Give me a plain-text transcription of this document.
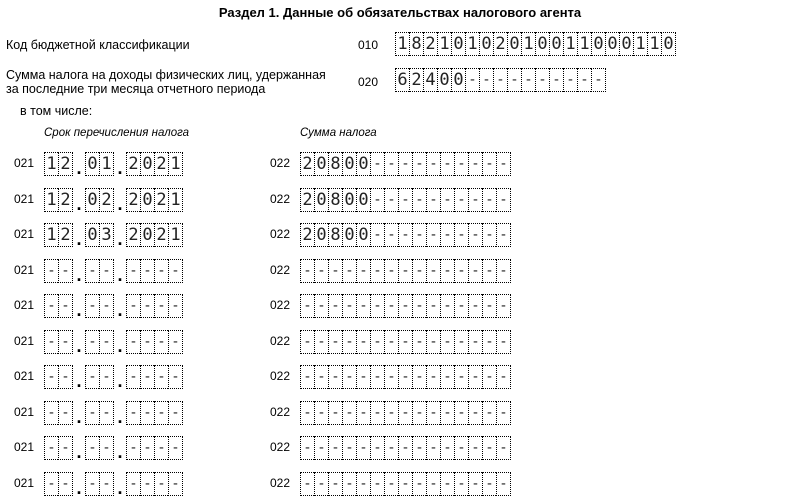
Раздел 1. Данные об обязательствах налогового агента
Код бюджетной классификации	010 1 8 2 1 0 1 0 2 0 1 0 0 1 1 0 0 0 1 1 0
Сумма налога на доходы физических лиц, удержанная
за последние три месяца отчетного периода	020 6 2 4 0 0 - - - - - - - - - -
в том числе:
Срок перечисления налога	Сумма налога
021 1 2 . 0 1 . 2 0 2 1	022 2 0 8 0 0 - - - - - - - - - -
021 1 2 . 0 2 . 2 0 2 1	022 2 0 8 0 0 - - - - - - - - - -
021 1 2 . 0 3 . 2 0 2 1	022 2 0 8 0 0 - - - - - - - - - -
021 - - . - - . - - - -	022 - - - - - - - - - - - - - - -
021 - - . - - . - - - -	022 - - - - - - - - - - - - - - -
021 - - . - - . - - - -	022 - - - - - - - - - - - - - - -
021 - - . - - . - - - -	022 - - - - - - - - - - - - - - -
021 - - . - - . - - - -	022 - - - - - - - - - - - - - - -
021 - - . - - . - - - -	022 - - - - - - - - - - - - - - -
021 - - . - - . - - - -	022 - - - - - - - - - - - - - - -
